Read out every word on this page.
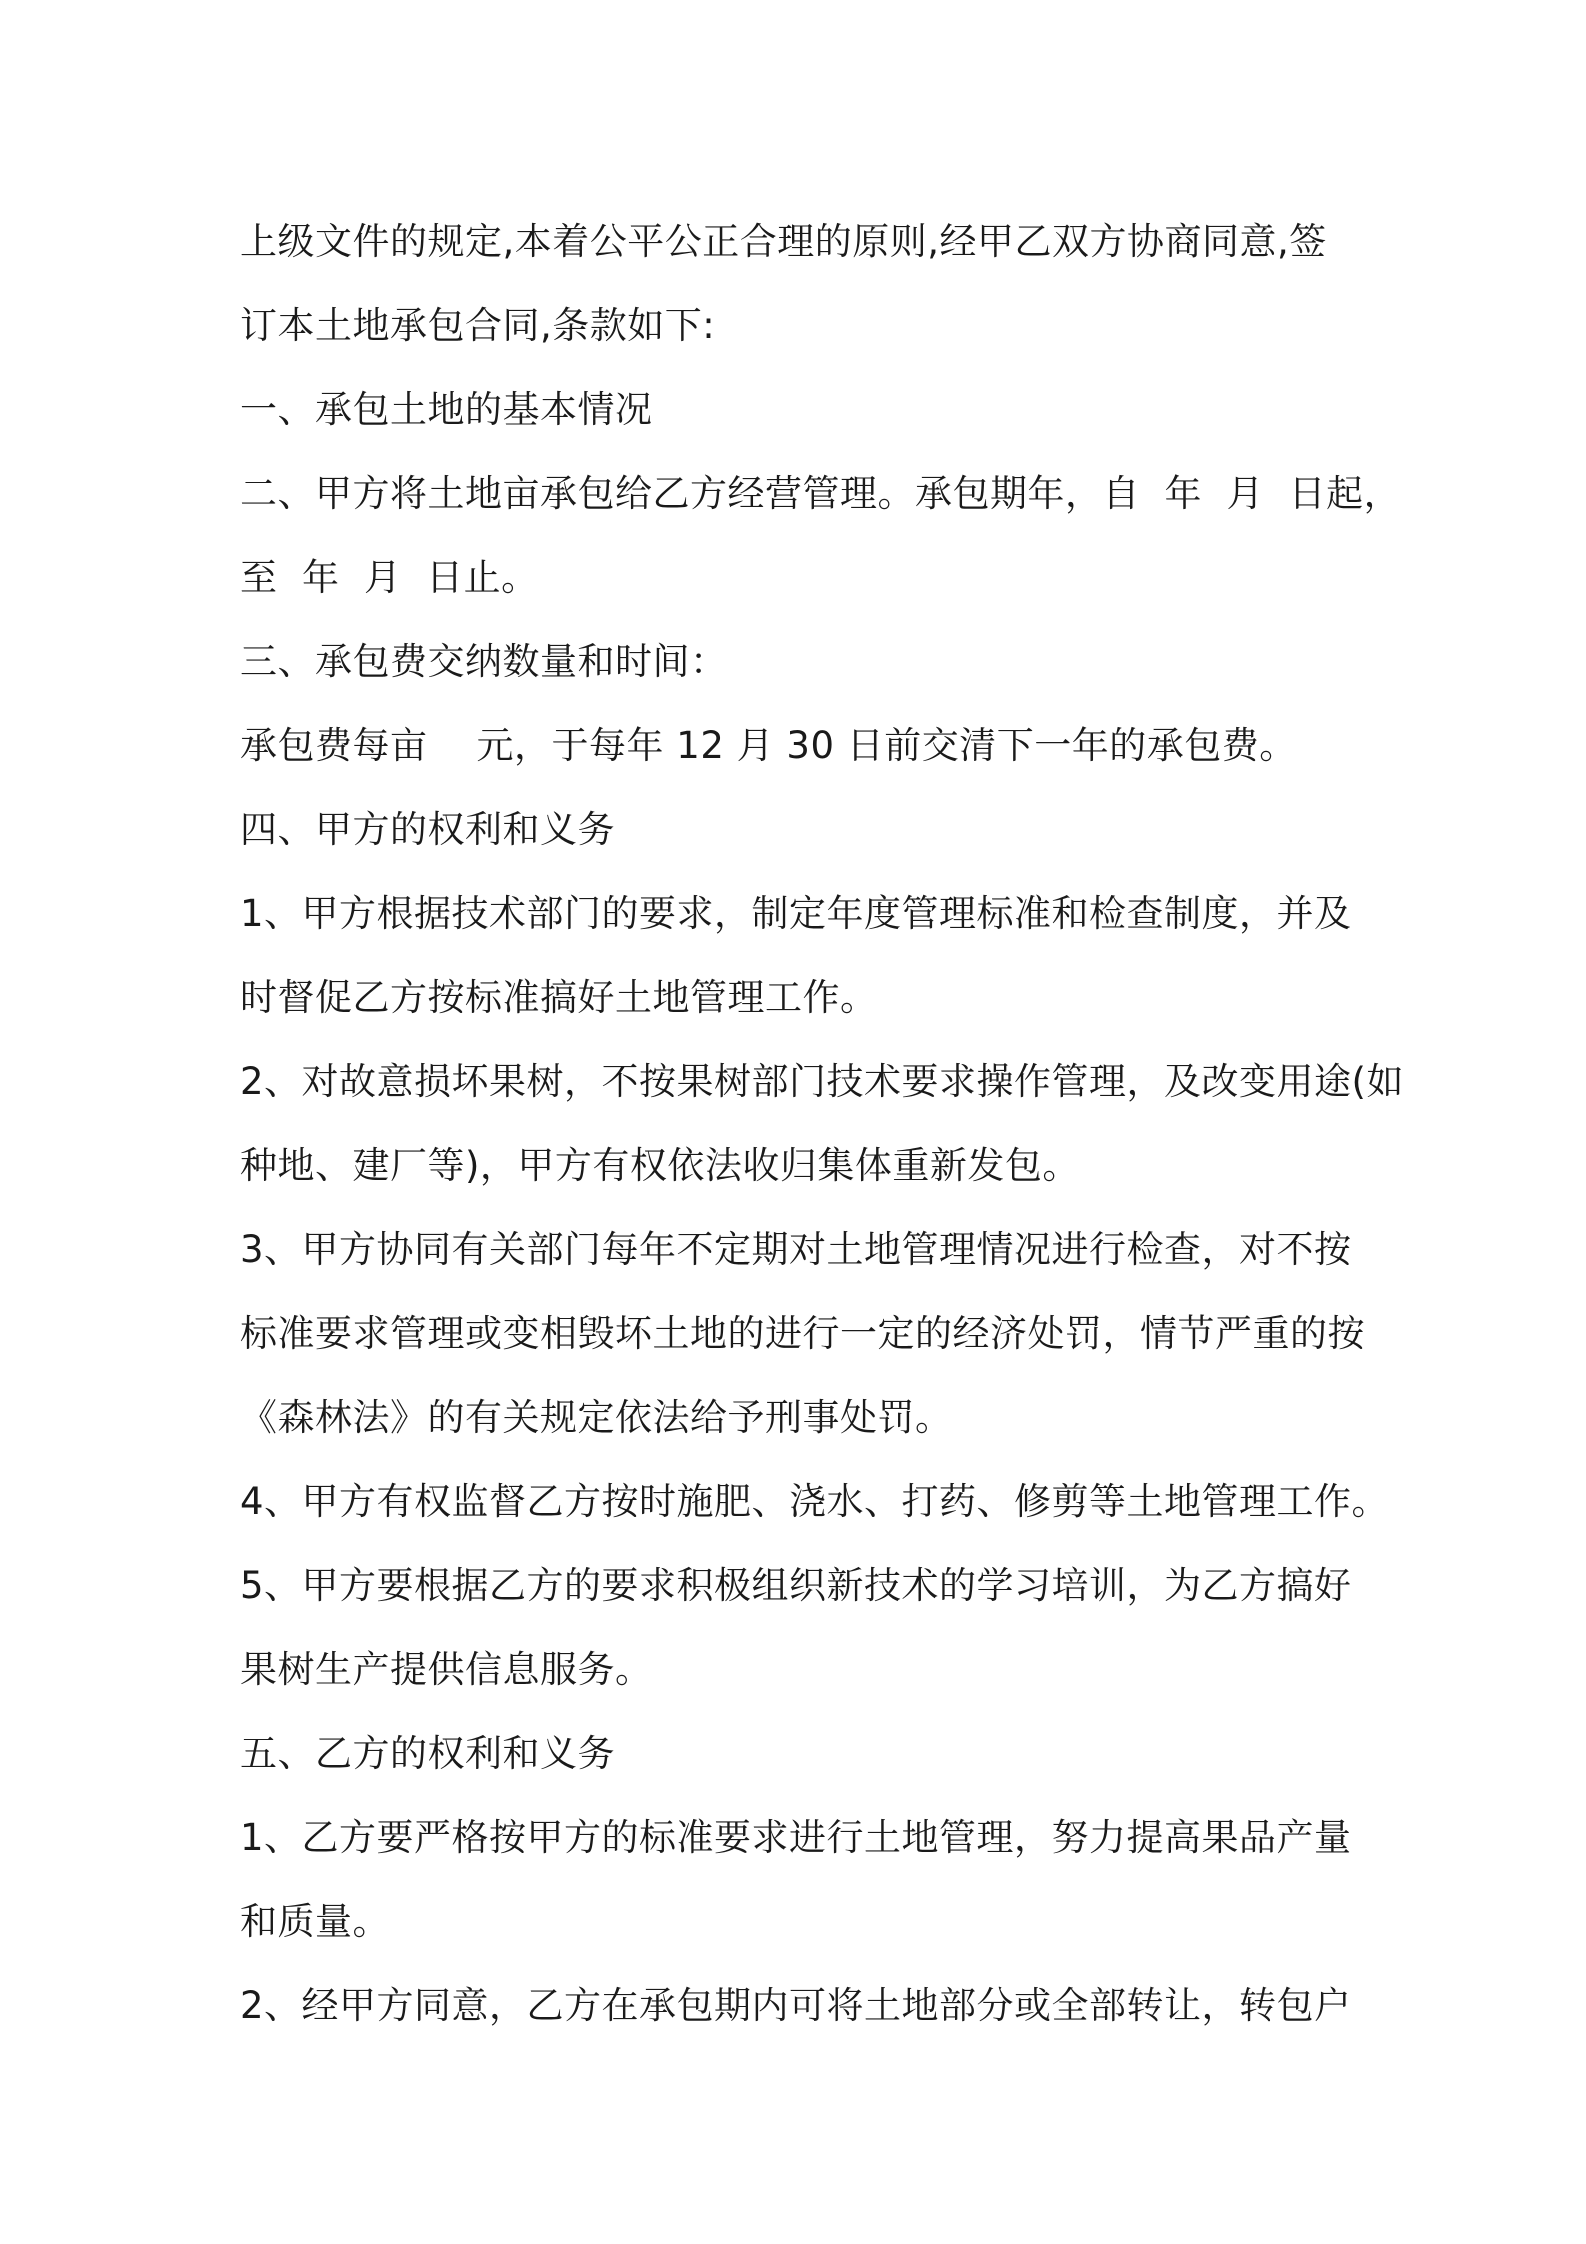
上级文件的规定,本着公平公正合理的原则,经甲乙双方协商同意,签
订本土地承包合同,条款如下:
一、承包土地的基本情况
二、甲方将土地亩承包给乙方经营管理。承包期年，自  年  月  日起，
至  年  月  日止。
三、承包费交纳数量和时间：
承包费每亩    元，于每年 12 月 30 日前交清下一年的承包费。
四、甲方的权利和义务
1、甲方根据技术部门的要求，制定年度管理标准和检查制度，并及
时督促乙方按标准搞好土地管理工作。
2、对故意损坏果树，不按果树部门技术要求操作管理，及改变用途(如
种地、建厂等)，甲方有权依法收归集体重新发包。
3、甲方协同有关部门每年不定期对土地管理情况进行检查，对不按
标准要求管理或变相毁坏土地的进行一定的经济处罚，情节严重的按
《森林法》的有关规定依法给予刑事处罚。
4、甲方有权监督乙方按时施肥、浇水、打药、修剪等土地管理工作。
5、甲方要根据乙方的要求积极组织新技术的学习培训，为乙方搞好
果树生产提供信息服务。
五、乙方的权利和义务
1、乙方要严格按甲方的标准要求进行土地管理，努力提高果品产量
和质量。
2、经甲方同意，乙方在承包期内可将土地部分或全部转让，转包户
